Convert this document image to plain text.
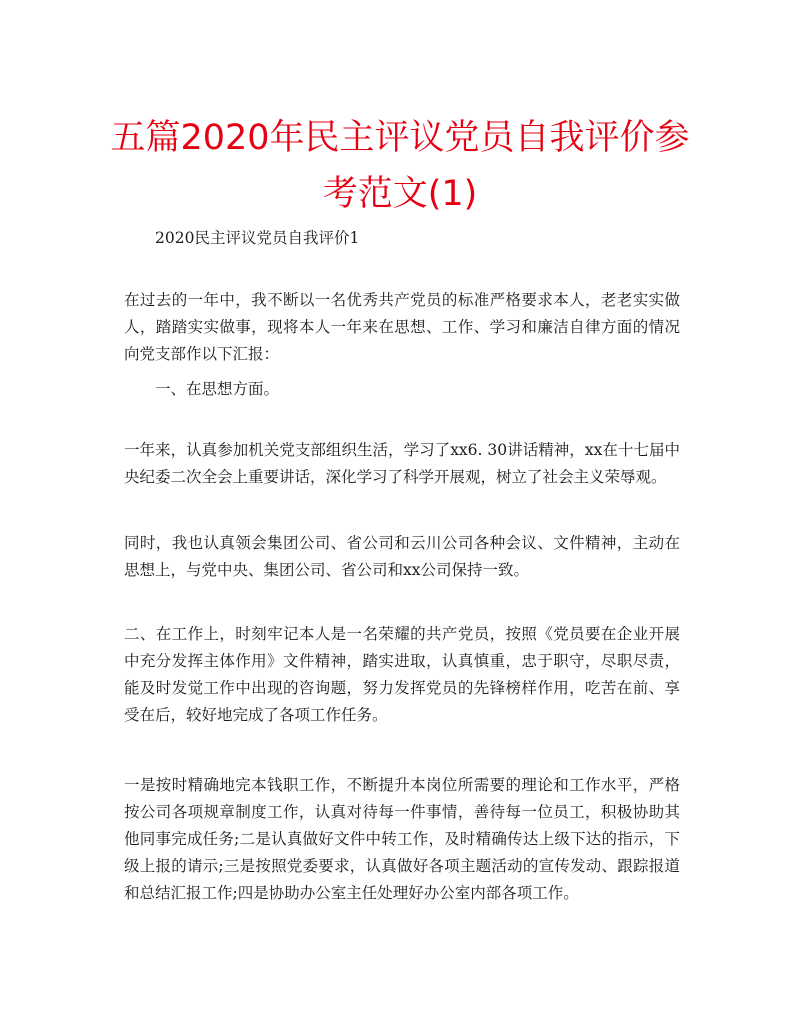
五篇2020年民主评议党员自我评价参考范文(1)

2020民主评议党员自我评价1

在过去的一年中，我不断以一名优秀共产党员的标准严格要求本人，老老实实做人，踏踏实实做事，现将本人一年来在思想、工作、学习和廉洁自律方面的情况向党支部作以下汇报：

一、在思想方面。

一年来，认真参加机关党支部组织生活，学习了xx6. 30讲话精神，xx在十七届中央纪委二次全会上重要讲话，深化学习了科学开展观，树立了社会主义荣辱观。

同时，我也认真领会集团公司、省公司和云川公司各种会议、文件精神，主动在思想上，与党中央、集团公司、省公司和xx公司保持一致。

二、在工作上，时刻牢记本人是一名荣耀的共产党员，按照《党员要在企业开展中充分发挥主体作用》文件精神，踏实进取，认真慎重，忠于职守，尽职尽责，能及时发觉工作中出现的咨询题，努力发挥党员的先锋榜样作用，吃苦在前、享受在后，较好地完成了各项工作任务。

一是按时精确地完本钱职工作，不断提升本岗位所需要的理论和工作水平，严格按公司各项规章制度工作，认真对待每一件事情，善待每一位员工，积极协助其他同事完成任务;二是认真做好文件中转工作，及时精确传达上级下达的指示，下级上报的请示;三是按照党委要求，认真做好各项主题活动的宣传发动、跟踪报道和总结汇报工作;四是协助办公室主任处理好办公室内部各项工作。
